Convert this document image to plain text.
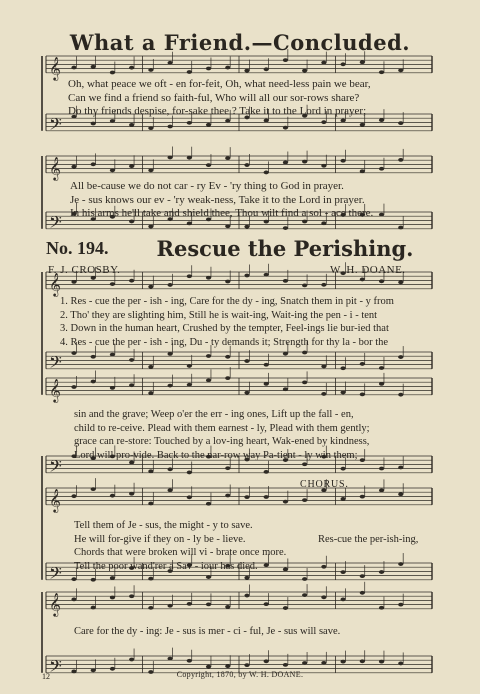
𝄞
𝄢
𝄞
𝄢
𝄞
𝄢
𝄞
𝄢
𝄞
𝄢
𝄞
𝄢
What a Friend.—Concluded.
Oh, what peace we oft - en for-feit, Oh, what need-less pain we bear,
Can we find a friend so faith-ful, Who will all our sor-rows share?
Do thy friends despise, for-sake thee ? Take it to the Lord in prayer;
All be-cause we do not car - ry Ev - 'ry thing to God in prayer.
Je - sus knows our ev - 'ry weak-ness, Take it to the Lord in prayer.
In his arms he'll take and shield thee, Thou wilt find a sol - ace there.
No. 194.	Rescue the Perishing.
F. J. CROSBY.	W. H. DOANE.
1. Res - cue the per - ish - ing, Care for the dy - ing, Snatch them in pit - y from
2. Tho' they are slighting him, Still he is wait-ing, Wait-ing the pen - i - tent
3. Down in the human heart, Crushed by the tempter, Feel-ings lie bur-ied that
4. Res - cue the per - ish - ing, Du - ty demands it; Strength for thy la - bor the
sin and the grave; Weep o'er the err - ing ones, Lift up the fall - en,
child to re-ceive. Plead with them earnest - ly, Plead with them gently;
grace can re-store: Touched by a lov-ing heart, Wak-ened by kindness,
Lord will pro-vide. Back to the nar-row way Pa-tient - ly win them;
CHORUS.
Tell them of Je - sus, the might - y to save.
He will for-give if they on - ly be - lieve.
Chords that were broken will vi - brate once more.
Tell the poor wand'rer a Sav - iour has died.
Res-cue the per-ish-ing,
Care for the dy - ing: Je - sus is mer - ci - ful, Je - sus will save.
12	Copyright, 1870, by W. H. DOANE.
